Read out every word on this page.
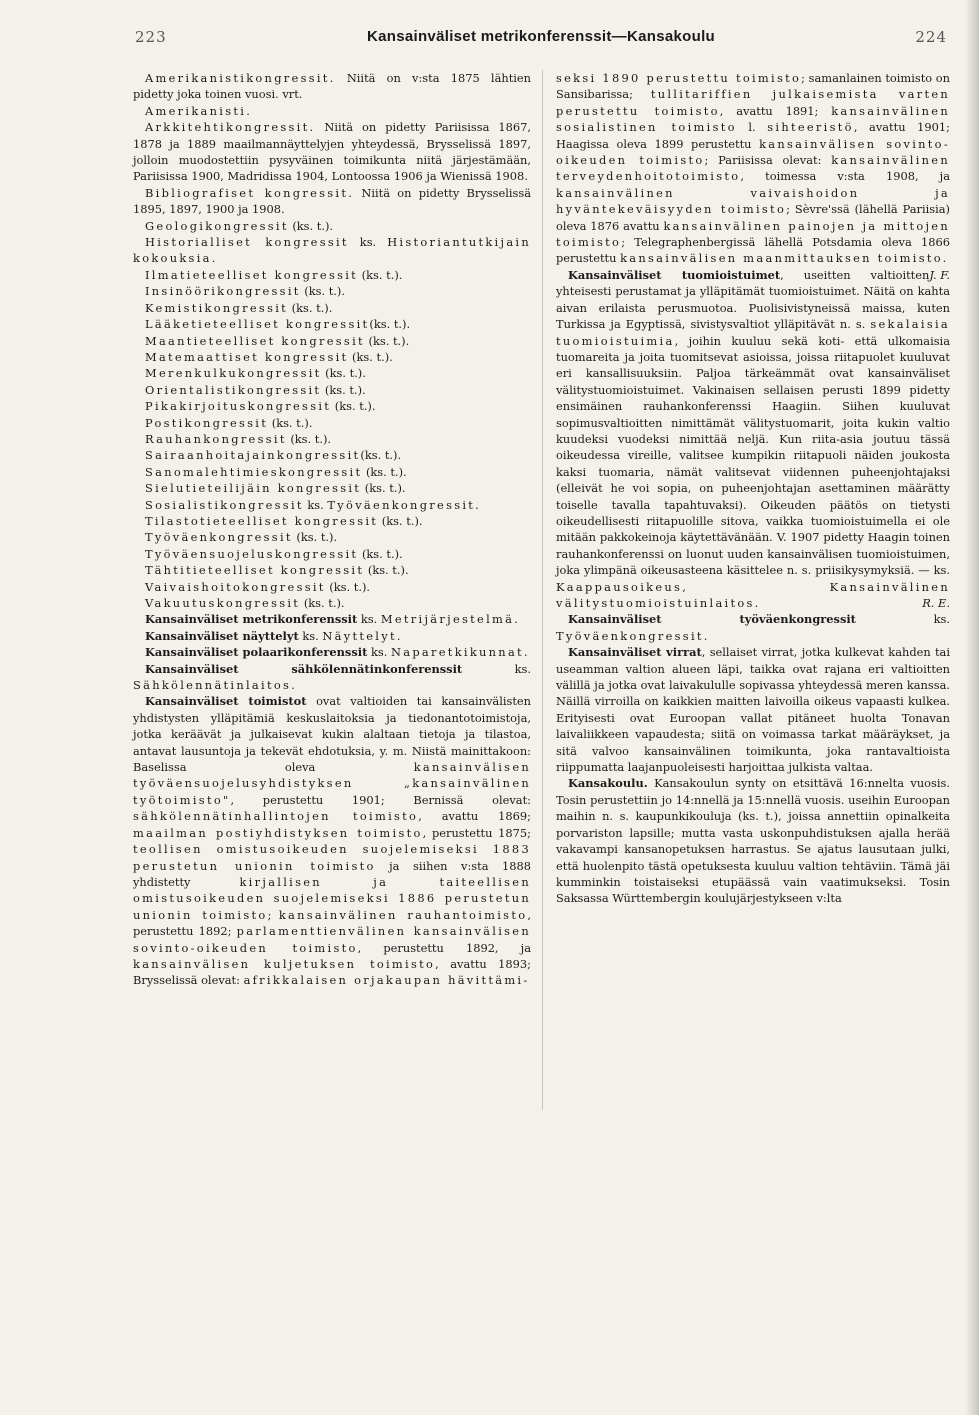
223	Kansainväliset metrikonferenssit—Kansakoulu	224

Amerikanistikongressit. Niitä on v:sta 1875 lähtien pidetty joka toinen vuosi. vrt.

Amerikanisti.

Arkkitehtikongressit. Niitä on pidetty Pariisissa 1867, 1878 ja 1889 maailmannäyttelyjen yhteydessä, Brysselissä 1897, jolloin muodostettiin pysyväinen toimikunta niitä järjestämään, Pariisissa 1900, Madridissa 1904, Lontoossa 1906 ja Wienissä 1908.

Bibliografiset kongressit. Niitä on pidetty Brysselissä 1895, 1897, 1900 ja 1908.

Geologikongressit (ks. t.).

Historialliset kongressit ks. Historiantutkijain kokouksia.

Ilmatieteelliset kongressit (ks. t.).

Insinöörikongressit (ks. t.).

Kemistikongressit (ks. t.).

Lääketieteelliset kongressit(ks. t.).

Maantieteelliset kongressit (ks. t.).

Matemaattiset kongressit (ks. t.).

Merenkulkukongressit (ks. t.).

Orientalistikongressit (ks. t.).

Pikakirjoituskongressit (ks. t.).

Postikongressit (ks. t.).

Rauhankongressit (ks. t.).

Sairaanhoitajainkongressit(ks. t.).

Sanomalehtimieskongressit (ks. t.).

Sielutieteilijäin kongressit (ks. t.).

Sosialistikongressit ks. Työväenkongressit.

Tilastotieteelliset kongressit (ks. t.).

Työväenkongressit (ks. t.).

Työväensuojeluskongressit (ks. t.).

Tähtitieteelliset kongressit (ks. t.).

Vaivaishoitokongressit (ks. t.).

Vakuutuskongressit (ks. t.).

Kansainväliset metrikonferenssit ks. Metrijärjestelmä.

Kansainväliset näyttelyt ks. Näyttelyt.

Kansainväliset polaarikonferenssit ks. Naparetkikunnat.

Kansainväliset sähkölennätinkonferenssit ks. Sähkölennätinlaitos.

Kansainväliset toimistot ovat valtioiden tai kansainvälisten yhdistysten ylläpitämiä keskuslaitoksia ja tiedonantotoimistoja, jotka keräävät ja julkaisevat kukin alaltaan tietoja ja tilastoa, antavat lausuntoja ja tekevät ehdotuksia, y. m. Niistä mainittakoon: Baselissa oleva kansainvälisen työväensuojelusyhdistyksen „kansainvälinen työtoimisto", perustettu 1901; Bernissä olevat: sähkölennätinhallintojen toimisto, avattu 1869; maailman postiyhdistyksen toimisto, perustettu 1875; teollisen omistusoikeuden suojelemiseksi 1883 perustetun unionin toimisto ja siihen v:sta 1888 yhdistetty kirjallisen ja taiteellisen omistusoikeuden suojelemiseksi 1886 perustetun unionin toimisto; kansainvälinen rauhantoimisto, perustettu 1892; parlamenttienvälinen kansainvälisen sovinto-oikeuden toimisto, perustettu 1892, ja kansainvälisen kuljetuksen toimisto, avattu 1893; Brysselissä olevat: afrikkalaisen orjakaupan hävittämi-

seksi 1890 perustettu toimisto; samanlainen toimisto on Sansibarissa; tullitariffien julkaisemista varten perustettu toimisto, avattu 1891; kansainvälinen sosialistinen toimisto l. sihteeristö, avattu 1901; Haagissa oleva 1899 perustettu kansainvälisen sovinto-oikeuden toimisto; Pariisissa olevat: kansainvälinen terveydenhoitotoimisto, toimessa v:sta 1908, ja kansainvälinen vaivaishoidon ja hyväntekeväisyyden toimisto; Sèvre'ssä (lähellä Pariisia) oleva 1876 avattu kansainvälinen painojen ja mittojen toimisto; Telegraphenbergissä lähellä Potsdamia oleva 1866 perustettu kansainvälisen maanmittauksen toimisto.
J. F.

Kansainväliset tuomioistuimet, useitten valtioitten yhteisesti perustamat ja ylläpitämät tuomioistuimet. Näitä on kahta aivan erilaista perusmuotoa. Puolisivistyneissä maissa, kuten Turkissa ja Egyptissä, sivistysvaltiot ylläpitävät n. s. sekalaisia tuomioistuimia, joihin kuuluu sekä koti- että ulkomaisia tuomareita ja joita tuomitsevat asioissa, joissa riitapuolet kuuluvat eri kansallisuuksiin. Paljoa tärkeämmät ovat kansainväliset välitystuomioistuimet. Vakinaisen sellaisen perusti 1899 pidetty ensimäinen rauhankonferenssi Haagiin. Siihen kuuluvat sopimusvaltioitten nimittämät välitystuomarit, joita kukin valtio kuudeksi vuodeksi nimittää neljä. Kun riita-asia joutuu tässä oikeudessa vireille, valitsee kumpikin riitapuoli näiden joukosta kaksi tuomaria, nämät valitsevat viidennen puheenjohtajaksi (elleivät he voi sopia, on puheenjohtajan asettaminen määrätty toiselle tavalla tapahtuvaksi). Oikeuden päätös on tietysti oikeudellisesti riitapuolille sitova, vaikka tuomioistuimella ei ole mitään pakkokeinoja käytettävänään. V. 1907 pidetty Haagin toinen rauhankonferenssi on luonut uuden kansainvälisen tuomioistuimen, joka ylimpänä oikeusasteena käsittelee n. s. priisikysymyksiä. — ks. Kaappausoikeus, Kansainvälinen välitystuomioistuinlaitos.	R. E.

Kansainväliset työväenkongressit ks. Työväenkongressit.

Kansainväliset virrat, sellaiset virrat, jotka kulkevat kahden tai useamman valtion alueen läpi, taikka ovat rajana eri valtioitten välillä ja jotka ovat laivakululle sopivassa yhteydessä meren kanssa. Näillä virroilla on kaikkien maitten laivoilla oikeus vapaasti kulkea. Erityisesti ovat Euroopan vallat pitäneet huolta Tonavan laivaliikkeen vapaudesta; siitä on voimassa tarkat määräykset, ja sitä valvoo kansainvälinen toimikunta, joka rantavaltioista riippumatta laajanpuoleisesti harjoittaa julkista valtaa.

Kansakoulu. Kansakoulun synty on etsittävä 16:nnelta vuosis. Tosin perustettiin jo 14:nnellä ja 15:nnellä vuosis. useihin Euroopan maihin n. s. kaupunkikouluja (ks. t.), joissa annettiin opinalkeita porvariston lapsille; mutta vasta uskonpuhdistuksen ajalla herää vakavampi kansanopetuksen harrastus. Se ajatus lausutaan julki, että huolenpito tästä opetuksesta kuuluu valtion tehtäviin. Tämä jäi kumminkin toistaiseksi etupäässä vain vaatimukseksi. Tosin Saksassa Württembergin koulujärjestykseen v:lta
